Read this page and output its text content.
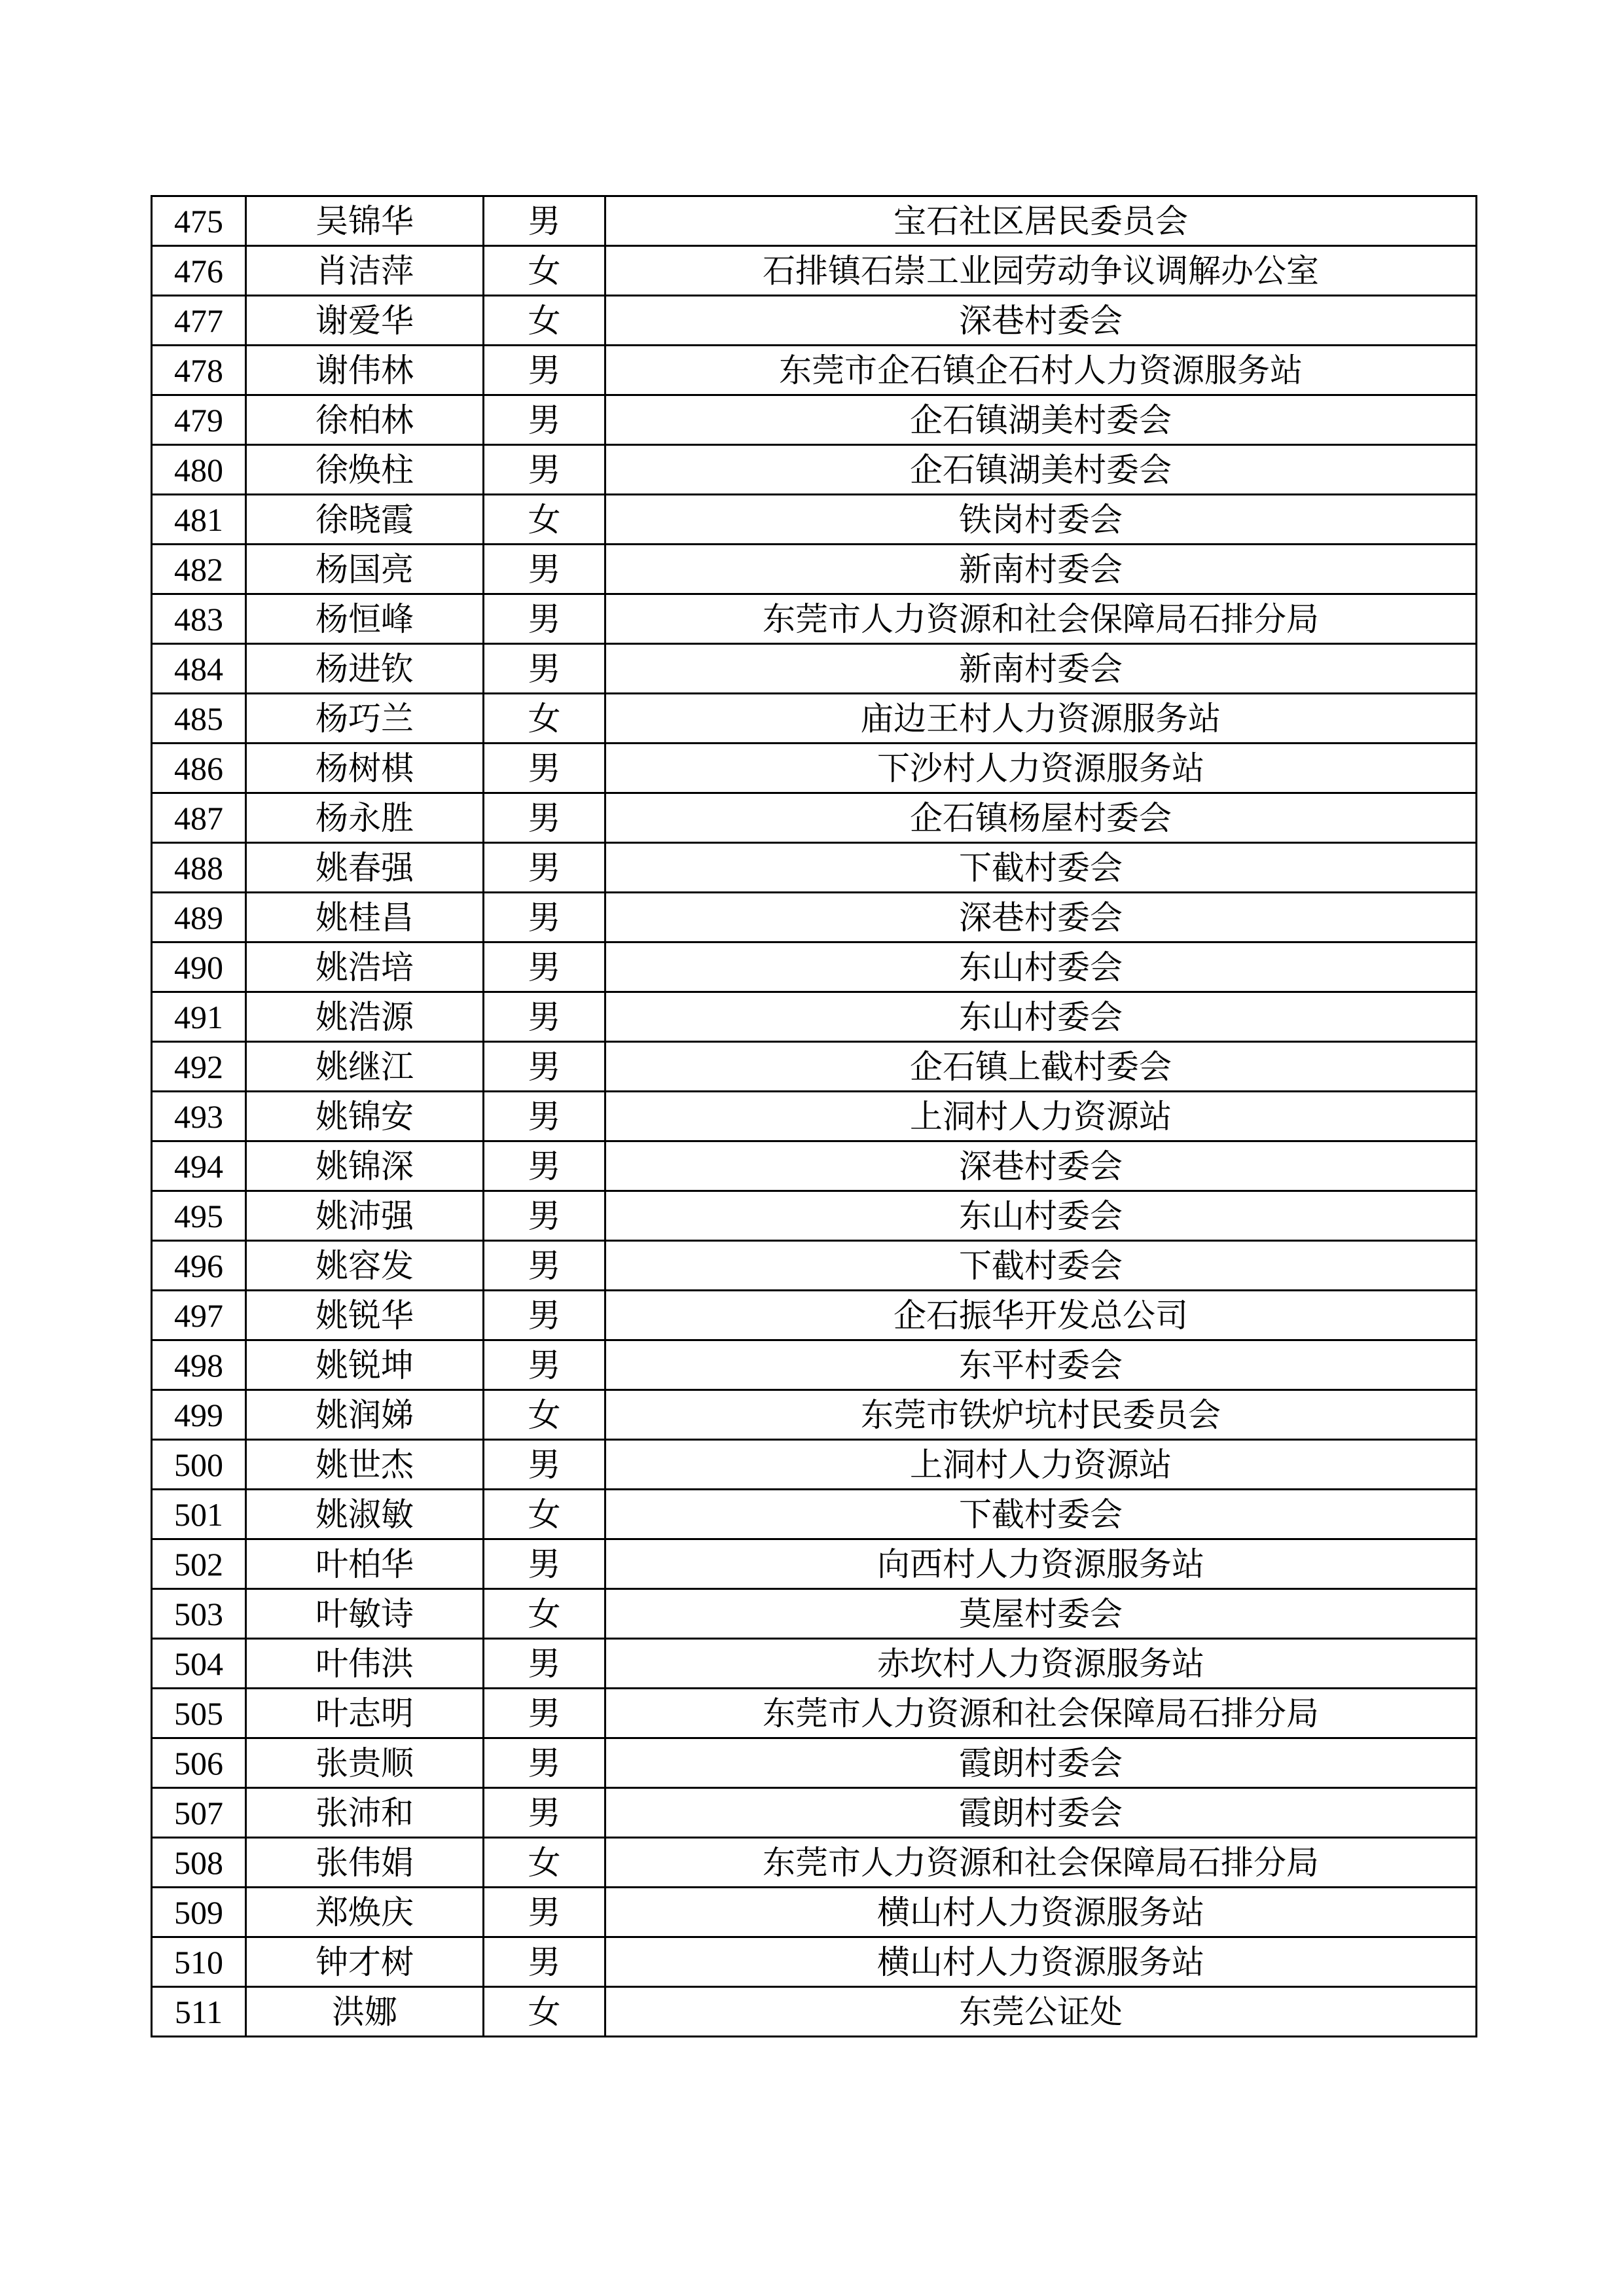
475	吴锦华	男	宝石社区居民委员会
476	肖洁萍	女	石排镇石崇工业园劳动争议调解办公室
477	谢爱华	女	深巷村委会
478	谢伟林	男	东莞市企石镇企石村人力资源服务站
479	徐柏林	男	企石镇湖美村委会
480	徐焕柱	男	企石镇湖美村委会
481	徐晓霞	女	铁岗村委会
482	杨国亮	男	新南村委会
483	杨恒峰	男	东莞市人力资源和社会保障局石排分局
484	杨进钦	男	新南村委会
485	杨巧兰	女	庙边王村人力资源服务站
486	杨树棋	男	下沙村人力资源服务站
487	杨永胜	男	企石镇杨屋村委会
488	姚春强	男	下截村委会
489	姚桂昌	男	深巷村委会
490	姚浩培	男	东山村委会
491	姚浩源	男	东山村委会
492	姚继江	男	企石镇上截村委会
493	姚锦安	男	上洞村人力资源站
494	姚锦深	男	深巷村委会
495	姚沛强	男	东山村委会
496	姚容发	男	下截村委会
497	姚锐华	男	企石振华开发总公司
498	姚锐坤	男	东平村委会
499	姚润娣	女	东莞市铁炉坑村民委员会
500	姚世杰	男	上洞村人力资源站
501	姚淑敏	女	下截村委会
502	叶柏华	男	向西村人力资源服务站
503	叶敏诗	女	莫屋村委会
504	叶伟洪	男	赤坎村人力资源服务站
505	叶志明	男	东莞市人力资源和社会保障局石排分局
506	张贵顺	男	霞朗村委会
507	张沛和	男	霞朗村委会
508	张伟娟	女	东莞市人力资源和社会保障局石排分局
509	郑焕庆	男	横山村人力资源服务站
510	钟才树	男	横山村人力资源服务站
511	洪娜	女	东莞公证处
